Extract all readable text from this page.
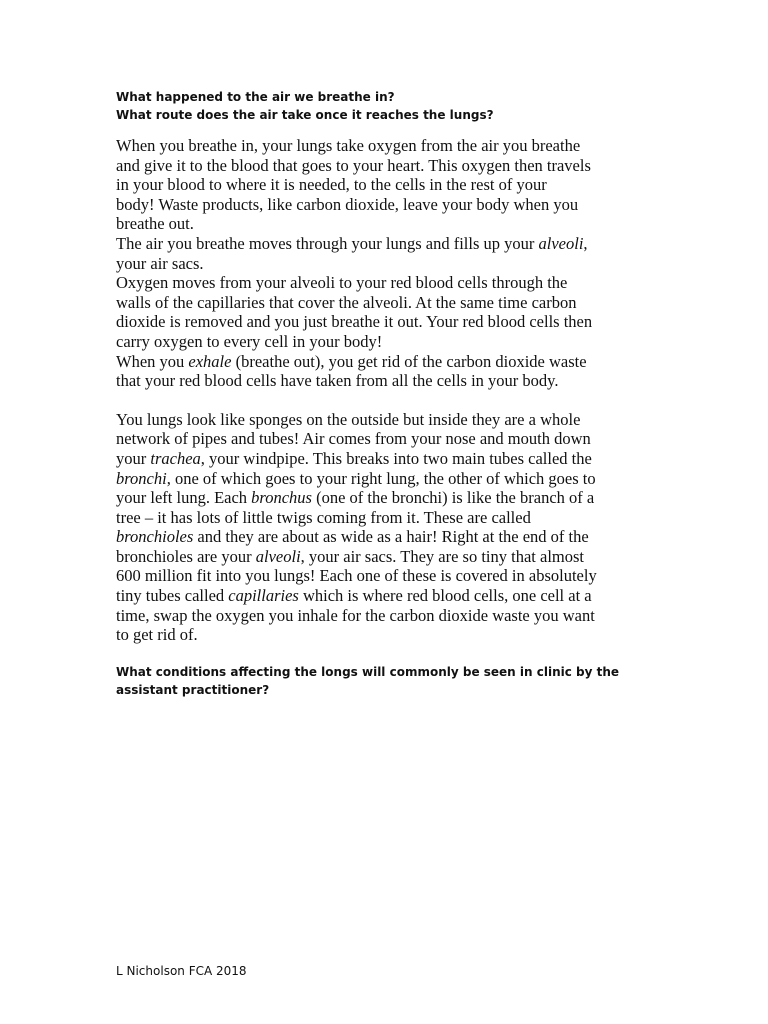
What happened to the air we breathe in?

What route does the air take once it reaches the lungs?

When you breathe in, your lungs take oxygen from the air you breathe
and give it to the blood that goes to your heart. This oxygen then travels
in your blood to where it is needed, to the cells in the rest of your
body! Waste products, like carbon dioxide, leave your body when you
breathe out.
The air you breathe moves through your lungs and fills up your alveoli,
your air sacs.
Oxygen moves from your alveoli to your red blood cells through the
walls of the capillaries that cover the alveoli. At the same time carbon
dioxide is removed and you just breathe it out. Your red blood cells then
carry oxygen to every cell in your body!
When you exhale (breathe out), you get rid of the carbon dioxide waste
that your red blood cells have taken from all the cells in your body.

You lungs look like sponges on the outside but inside they are a whole
network of pipes and tubes! Air comes from your nose and mouth down
your trachea, your windpipe. This breaks into two main tubes called the
bronchi, one of which goes to your right lung, the other of which goes to
your left lung. Each bronchus (one of the bronchi) is like the branch of a
tree – it has lots of little twigs coming from it. These are called
bronchioles and they are about as wide as a hair! Right at the end of the
bronchioles are your alveoli, your air sacs. They are so tiny that almost
600 million fit into you lungs! Each one of these is covered in absolutely
tiny tubes called capillaries which is where red blood cells, one cell at a
time, swap the oxygen you inhale for the carbon dioxide waste you want
to get rid of.

What conditions affecting the longs will commonly be seen in clinic by the
assistant practitioner?

L Nicholson FCA 2018
